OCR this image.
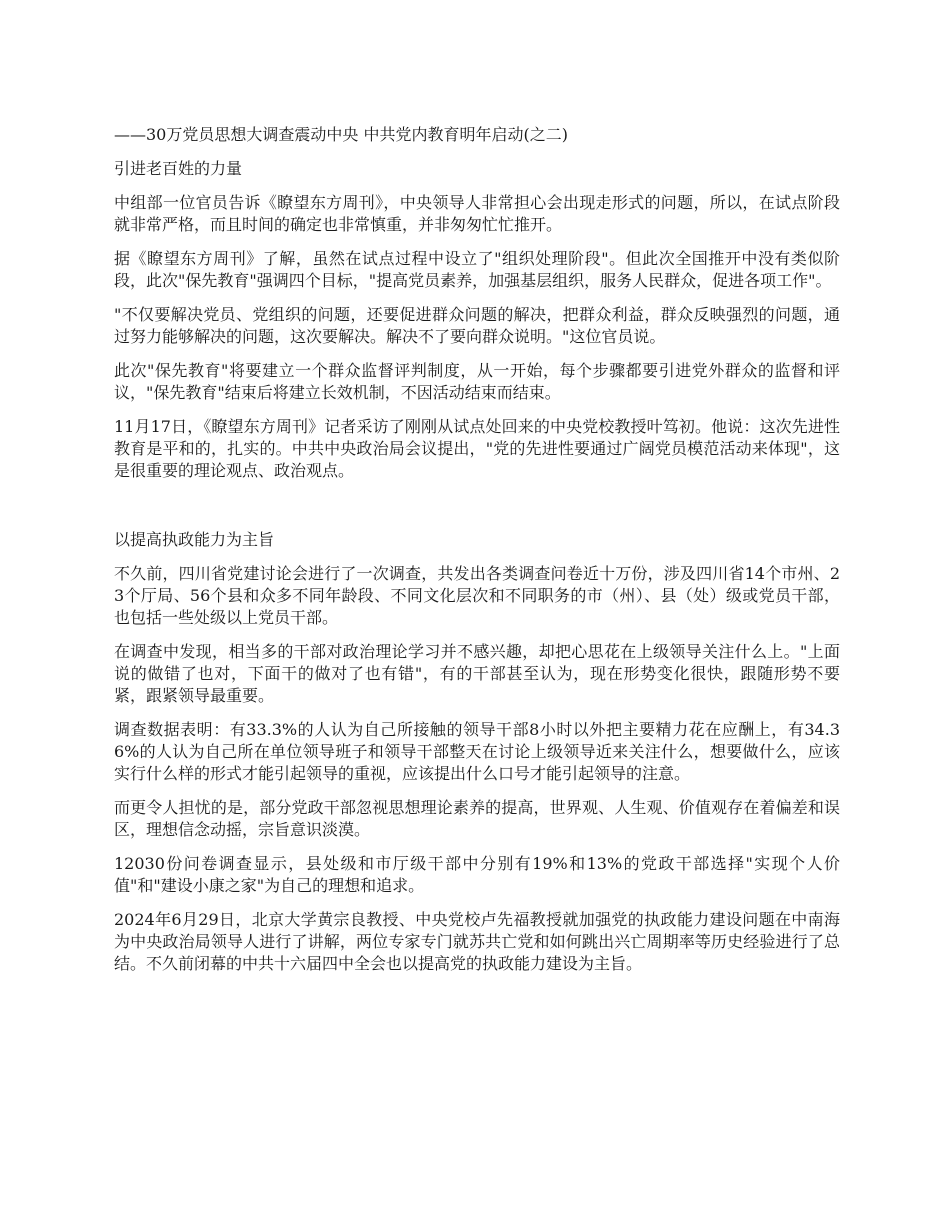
——30万党员思想大调查震动中央 中共党内教育明年启动(之二)

引进老百姓的力量

中组部一位官员告诉《瞭望东方周刊》，中央领导人非常担心会出现走形式的问题，所以，在试点阶段就非常严格，而且时间的确定也非常慎重，并非匆匆忙忙推开。

据《瞭望东方周刊》了解，虽然在试点过程中设立了"组织处理阶段"。但此次全国推开中没有类似阶段，此次"保先教育"强调四个目标，"提高党员素养，加强基层组织，服务人民群众，促进各项工作"。

"不仅要解决党员、党组织的问题，还要促进群众问题的解决，把群众利益，群众反映强烈的问题，通过努力能够解决的问题，这次要解决。解决不了要向群众说明。"这位官员说。

此次"保先教育"将要建立一个群众监督评判制度，从一开始，每个步骤都要引进党外群众的监督和评议，"保先教育"结束后将建立长效机制，不因活动结束而结束。

11月17日，《瞭望东方周刊》记者采访了刚刚从试点处回来的中央党校教授叶笃初。他说：这次先进性教育是平和的，扎实的。中共中央政治局会议提出，"党的先进性要通过广阔党员模范活动来体现"，这是很重要的理论观点、政治观点。

以提高执政能力为主旨

不久前，四川省党建讨论会进行了一次调查，共发出各类调查问卷近十万份，涉及四川省14个市州、23个厅局、56个县和众多不同年龄段、不同文化层次和不同职务的市（州）、县（处）级或党员干部，也包括一些处级以上党员干部。

在调查中发现，相当多的干部对政治理论学习并不感兴趣，却把心思花在上级领导关注什么上。"上面说的做错了也对，下面干的做对了也有错"，有的干部甚至认为，现在形势变化很快，跟随形势不要紧，跟紧领导最重要。

调查数据表明：有33.3%的人认为自己所接触的领导干部8小时以外把主要精力花在应酬上，有34.36%的人认为自己所在单位领导班子和领导干部整天在讨论上级领导近来关注什么，想要做什么，应该实行什么样的形式才能引起领导的重视，应该提出什么口号才能引起领导的注意。

而更令人担忧的是，部分党政干部忽视思想理论素养的提高，世界观、人生观、价值观存在着偏差和误区，理想信念动摇，宗旨意识淡漠。

12030份问卷调查显示，县处级和市厅级干部中分别有19%和13%的党政干部选择"实现个人价值"和"建设小康之家"为自己的理想和追求。

2024年6月29日，北京大学黄宗良教授、中央党校卢先福教授就加强党的执政能力建设问题在中南海为中央政治局领导人进行了讲解，两位专家专门就苏共亡党和如何跳出兴亡周期率等历史经验进行了总结。不久前闭幕的中共十六届四中全会也以提高党的执政能力建设为主旨。
